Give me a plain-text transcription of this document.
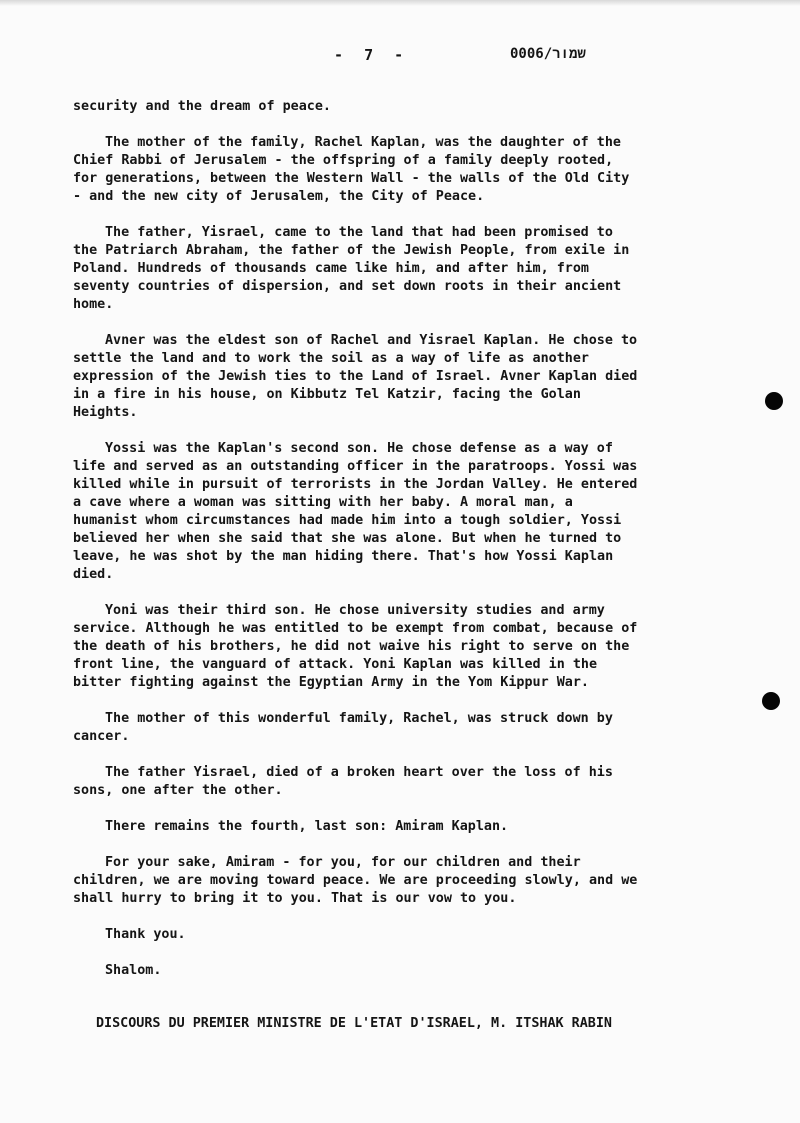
-  7  -	שמור/0006

security and the dream of peace.

The mother of the family, Rachel Kaplan, was the daughter of the
Chief Rabbi of Jerusalem - the offspring of a family deeply rooted,
for generations, between the Western Wall - the walls of the Old City
- and the new city of Jerusalem, the City of Peace.

The father, Yisrael, came to the land that had been promised to
the Patriarch Abraham, the father of the Jewish People, from exile in
Poland. Hundreds of thousands came like him, and after him, from
seventy countries of dispersion, and set down roots in their ancient
home.

Avner was the eldest son of Rachel and Yisrael Kaplan. He chose to
settle the land and to work the soil as a way of life as another
expression of the Jewish ties to the Land of Israel. Avner Kaplan died
in a fire in his house, on Kibbutz Tel Katzir, facing the Golan
Heights.

Yossi was the Kaplan's second son. He chose defense as a way of
life and served as an outstanding officer in the paratroops. Yossi was
killed while in pursuit of terrorists in the Jordan Valley. He entered
a cave where a woman was sitting with her baby. A moral man, a
humanist whom circumstances had made him into a tough soldier, Yossi
believed her when she said that she was alone. But when he turned to
leave, he was shot by the man hiding there. That's how Yossi Kaplan
died.

Yoni was their third son. He chose university studies and army
service. Although he was entitled to be exempt from combat, because of
the death of his brothers, he did not waive his right to serve on the
front line, the vanguard of attack. Yoni Kaplan was killed in the
bitter fighting against the Egyptian Army in the Yom Kippur War.

The mother of this wonderful family, Rachel, was struck down by
cancer.

The father Yisrael, died of a broken heart over the loss of his
sons, one after the other.

There remains the fourth, last son: Amiram Kaplan.

For your sake, Amiram - for you, for our children and their
children, we are moving toward peace. We are proceeding slowly, and we
shall hurry to bring it to you. That is our vow to you.

Thank you.

Shalom.

DISCOURS DU PREMIER MINISTRE DE L'ETAT D'ISRAEL, M. ITSHAK RABIN
